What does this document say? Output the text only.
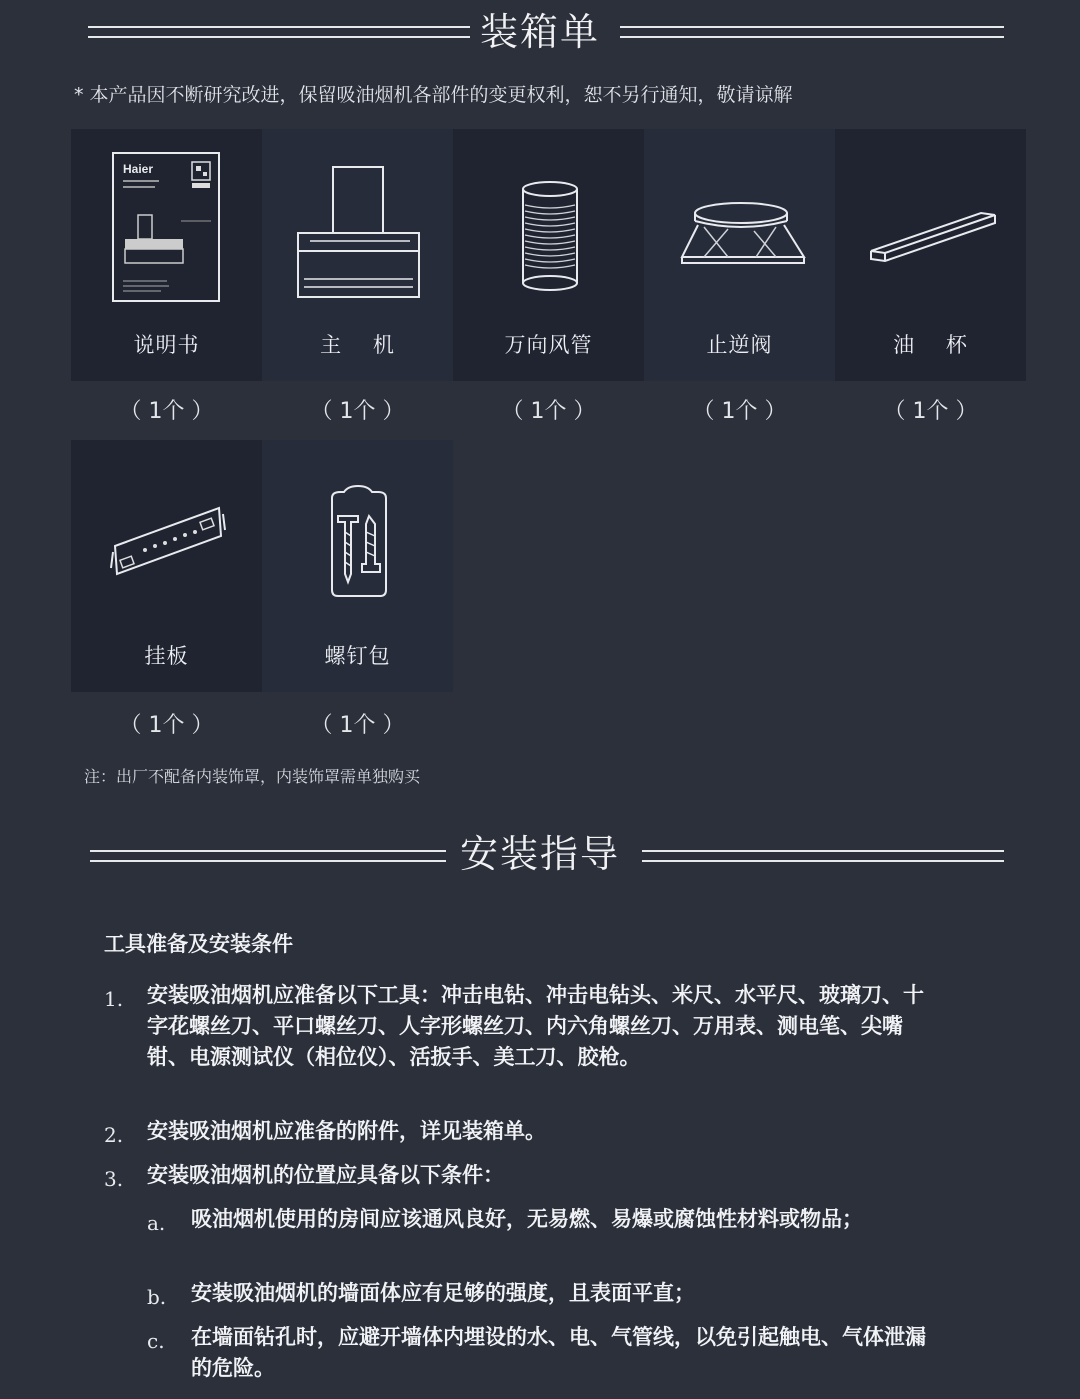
装箱单
* 本产品因不断研究改进，保留吸油烟机各部件的变更权利，恕不另行通知，敬请谅解
Haier
说明书	主    机	万向风管	止逆阀	油    杯
（ 1个 ）	（ 1个 ）	（ 1个 ）	（ 1个 ）	（ 1个 ）
挂板	螺钉包
（ 1个 ）	（ 1个 ）
注：出厂不配备内装饰罩，内装饰罩需单独购买
安装指导
工具准备及安装条件
1. 安装吸油烟机应准备以下工具：冲击电钻、冲击电钻头、米尺、水平尺、玻璃刀、十字花螺丝刀、平口螺丝刀、人字形螺丝刀、内六角螺丝刀、万用表、测电笔、尖嘴钳、电源测试仪（相位仪）、活扳手、美工刀、胶枪。
2. 安装吸油烟机应准备的附件，详见装箱单。
3. 安装吸油烟机的位置应具备以下条件：
a. 吸油烟机使用的房间应该通风良好，无易燃、易爆或腐蚀性材料或物品；
b. 安装吸油烟机的墙面体应有足够的强度，且表面平直；
c. 在墙面钻孔时，应避开墙体内埋设的水、电、气管线，以免引起触电、气体泄漏的危险。
